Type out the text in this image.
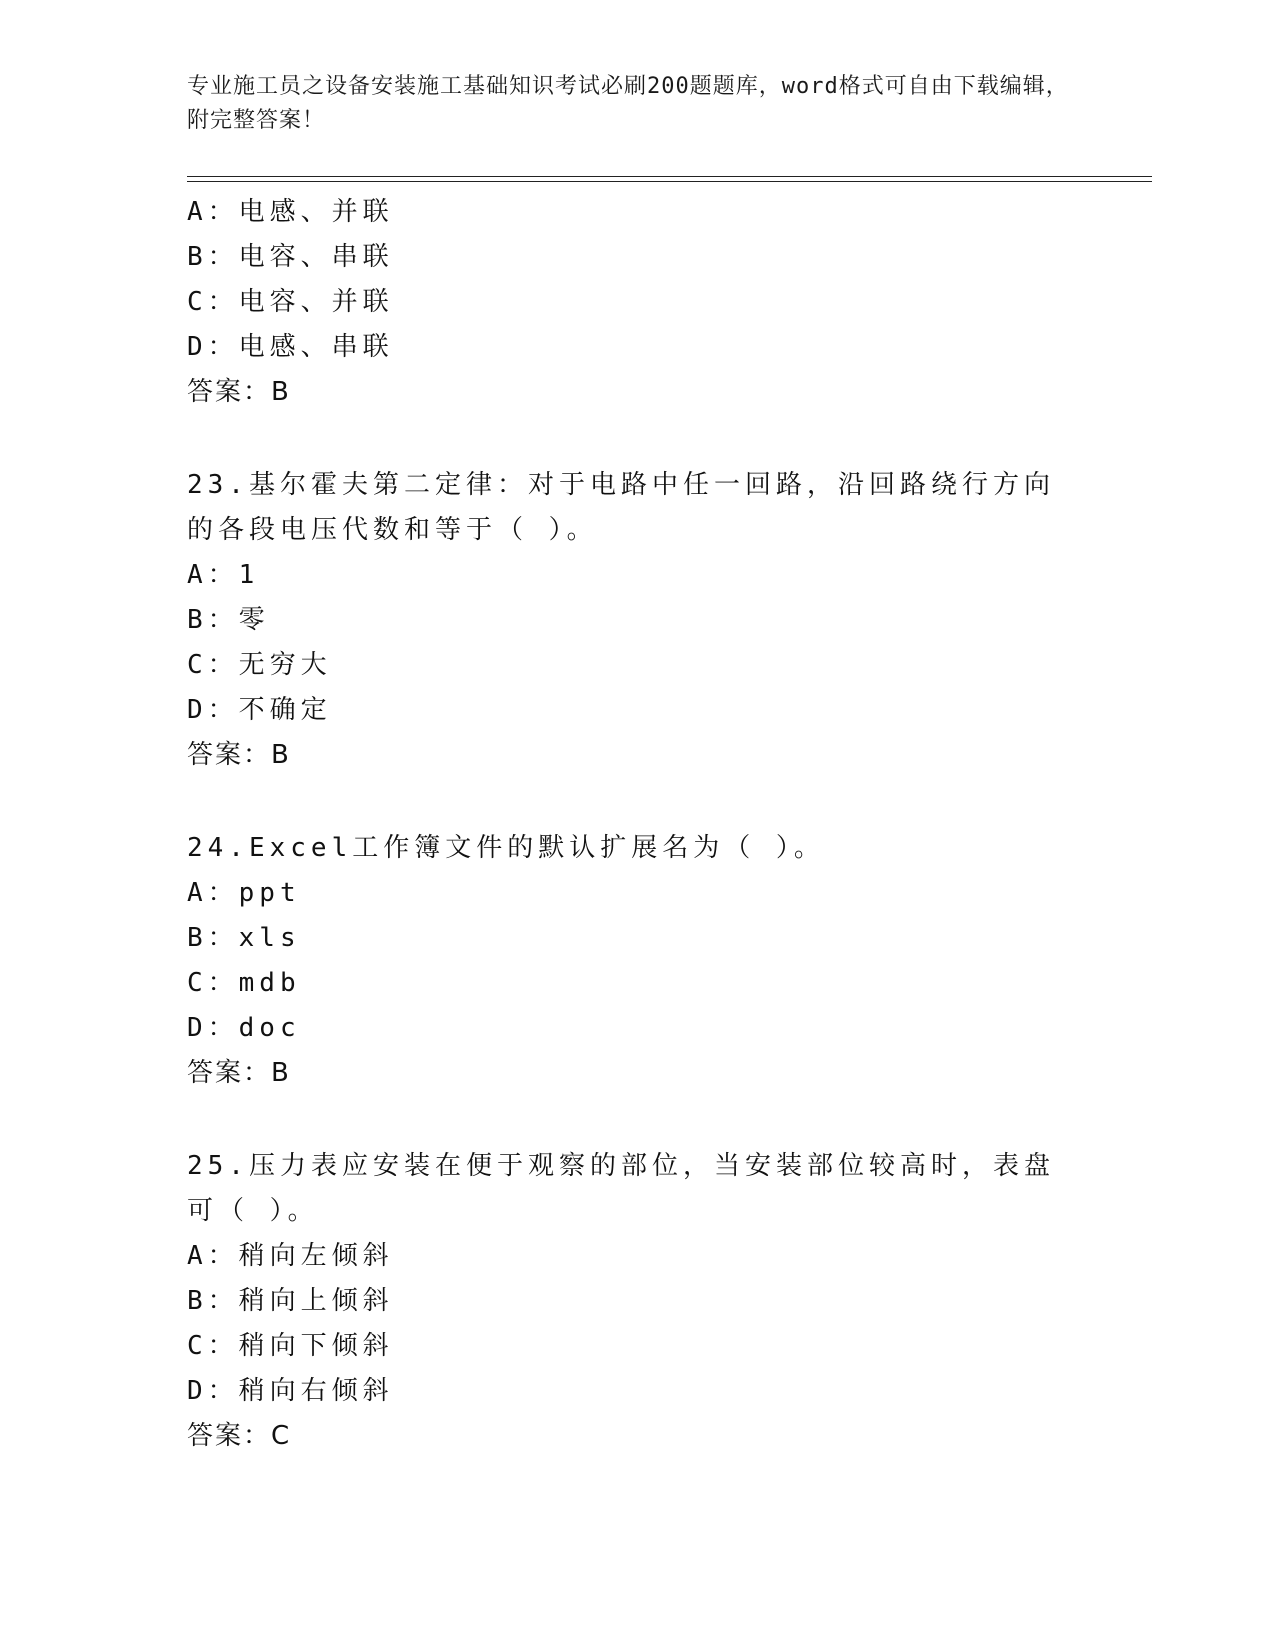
专业施工员之设备安装施工基础知识考试必刷200题题库，word格式可自由下载编辑，附完整答案！
A：电感、并联
B：电容、串联
C：电容、并联
D：电感、串联
答案：B
23.基尔霍夫第二定律：对于电路中任一回路，沿回路绕行方向的各段电压代数和等于（ ）。
A：1
B：零
C：无穷大
D：不确定
答案：B
24.Excel工作簿文件的默认扩展名为（ ）。
A：ppt
B：xls
C：mdb
D：doc
答案：B
25.压力表应安装在便于观察的部位，当安装部位较高时，表盘可（ ）。
A：稍向左倾斜
B：稍向上倾斜
C：稍向下倾斜
D：稍向右倾斜
答案：C
